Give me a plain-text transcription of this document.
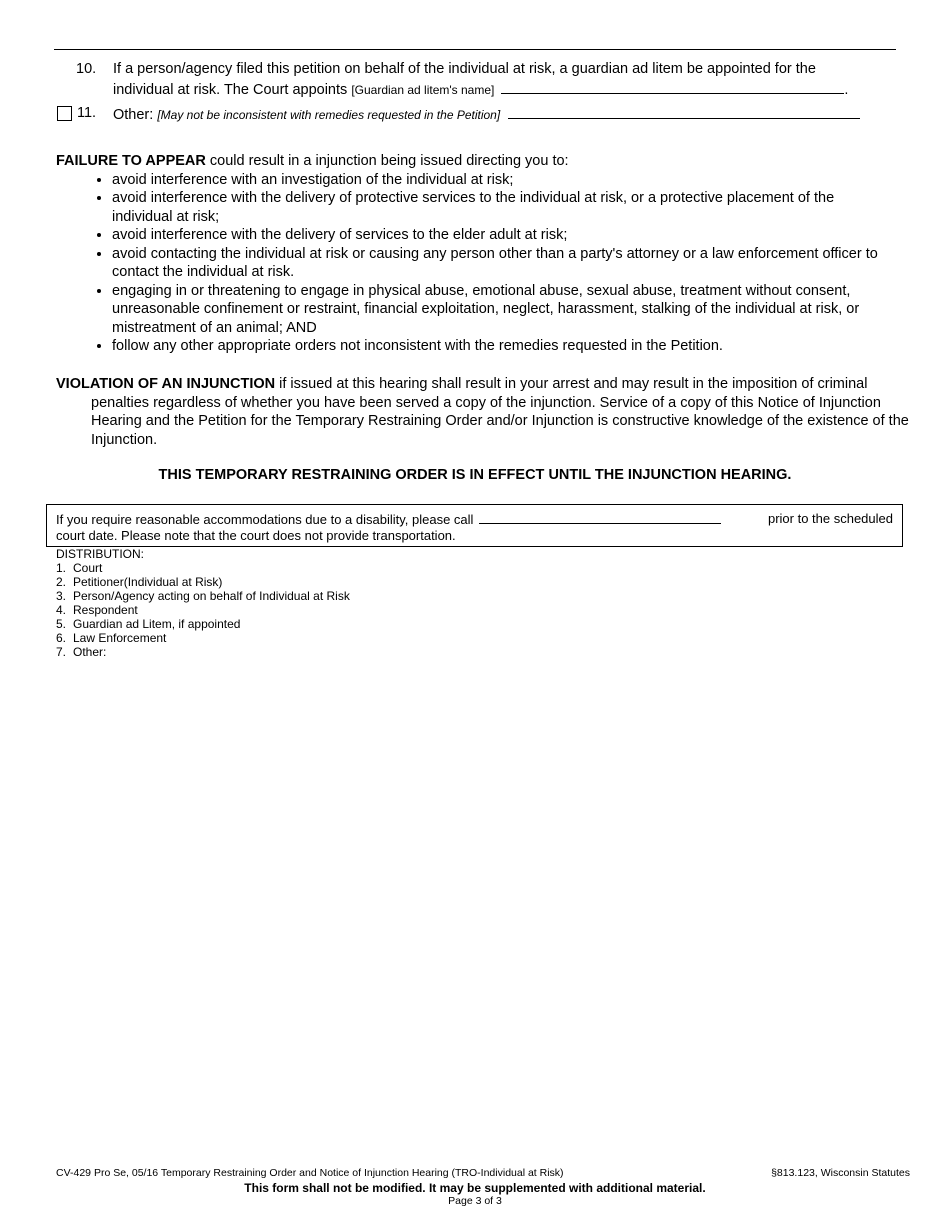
10. If a person/agency filed this petition on behalf of the individual at risk, a guardian ad litem be appointed for the
individual at risk. The Court appoints [Guardian ad litem's name]	.
11. Other: [May not be inconsistent with remedies requested in the Petition]

FAILURE TO APPEAR could result in a injunction being issued directing you to:

• avoid interference with an investigation of the individual at risk;
• avoid interference with the delivery of protective services to the individual at risk, or a protective placement of the individual at risk;
• avoid interference with the delivery of services to the elder adult at risk;
• avoid contacting the individual at risk or causing any person other than a party's attorney or a law enforcement officer to contact the individual at risk.
• engaging in or threatening to engage in physical abuse, emotional abuse, sexual abuse, treatment without consent, unreasonable confinement or restraint, financial exploitation, neglect, harassment, stalking of the individual at risk, or mistreatment of an animal; AND
• follow any other appropriate orders not inconsistent with the remedies requested in the Petition.
VIOLATION OF AN INJUNCTION if issued at this hearing shall result in your arrest and may result in the imposition of criminal penalties regardless of whether you have been served a copy of the injunction. Service of a copy of this Notice of Injunction Hearing and the Petition for the Temporary Restraining Order and/or Injunction is constructive knowledge of the existence of the Injunction.
THIS TEMPORARY RESTRAINING ORDER IS IN EFFECT UNTIL THE INJUNCTION HEARING.
If you require reasonable accommodations due to a disability, please call	prior to the scheduled
court date. Please note that the court does not provide transportation.
DISTRIBUTION:
1. Court
2. Petitioner(Individual at Risk)
3. Person/Agency acting on behalf of Individual at Risk
4. Respondent
5. Guardian ad Litem, if appointed
6. Law Enforcement
7. Other:
CV-429 Pro Se, 05/16 Temporary Restraining Order and Notice of Injunction Hearing (TRO-Individual at Risk)	§813.123, Wisconsin Statutes
This form shall not be modified. It may be supplemented with additional material.
Page 3 of 3
